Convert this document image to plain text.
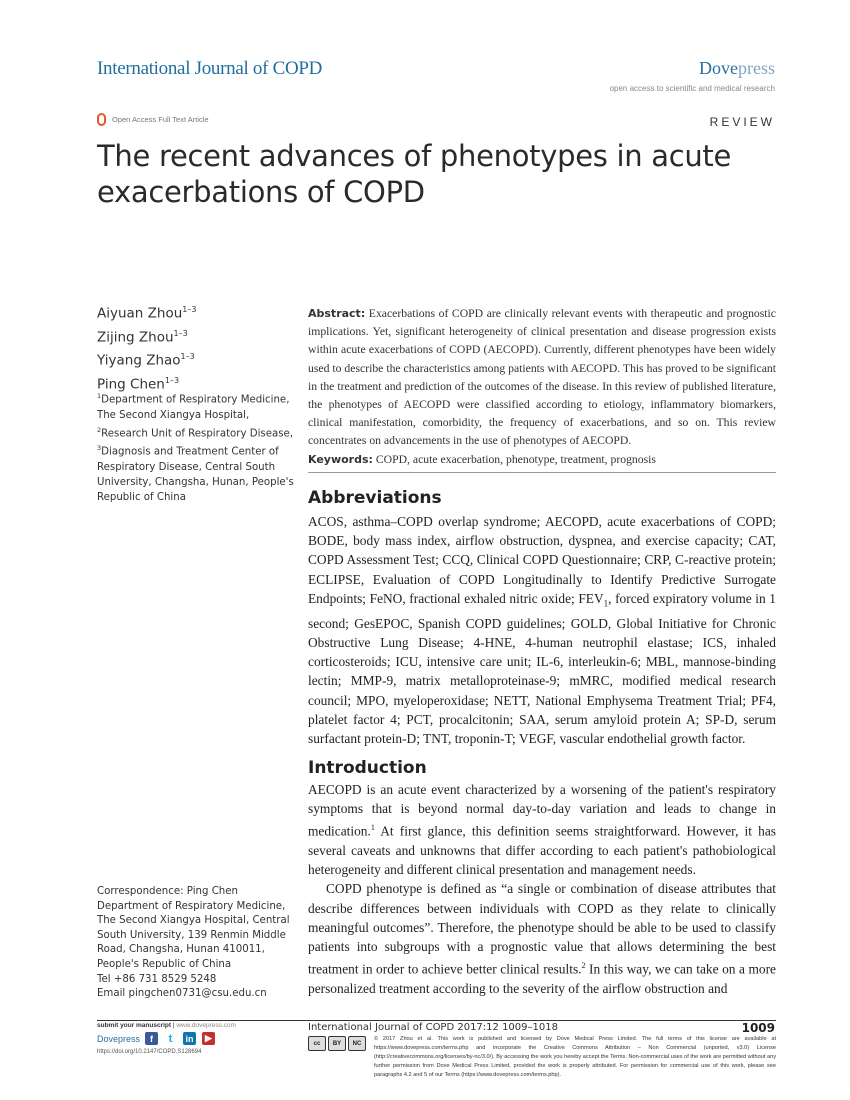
International Journal of COPD	Dovepress
open access to scientific and medical research
Open Access Full Text Article	REVIEW
The recent advances of phenotypes in acute exacerbations of COPD
Aiyuan Zhou$^{1-3}$
Zijing Zhou$^{1-3}$
Yiyang Zhao$^{1-3}$
Ping Chen$^{1-3}$
$^1$Department of Respiratory Medicine, The Second Xiangya Hospital, $^2$Research Unit of Respiratory Disease, $^3$Diagnosis and Treatment Center of Respiratory Disease, Central South University, Changsha, Hunan, People's Republic of China
Correspondence: Ping Chen
Department of Respiratory Medicine, The Second Xiangya Hospital, Central South University, 139 Renmin Middle Road, Changsha, Hunan 410011, People's Republic of China
Tel +86 731 8529 5248
Email pingchen0731@csu.edu.cn
Abstract: Exacerbations of COPD are clinically relevant events with therapeutic and prognostic implications. Yet, significant heterogeneity of clinical presentation and disease progression exists within acute exacerbations of COPD (AECOPD). Currently, different phenotypes have been widely used to describe the characteristics among patients with AECOPD. This has proved to be significant in the treatment and prediction of the outcomes of the disease. In this review of published literature, the phenotypes of AECOPD were classified according to etiology, inflammatory biomarkers, clinical manifestation, comorbidity, the frequency of exacerbations, and so on. This review concentrates on advancements in the use of phenotypes of AECOPD.
Keywords: COPD, acute exacerbation, phenotype, treatment, prognosis
Abbreviations
ACOS, asthma–COPD overlap syndrome; AECOPD, acute exacerbations of COPD; BODE, body mass index, airflow obstruction, dyspnea, and exercise capacity; CAT, COPD Assessment Test; CCQ, Clinical COPD Questionnaire; CRP, C-reactive protein; ECLIPSE, Evaluation of COPD Longitudinally to Identify Predictive Surrogate Endpoints; FeNO, fractional exhaled nitric oxide; $FEV_1$, forced expiratory volume in 1 second; GesEPOC, Spanish COPD guidelines; GOLD, Global Initiative for Chronic Obstructive Lung Disease; 4-HNE, 4-human neutrophil elastase; ICS, inhaled corticosteroids; ICU, intensive care unit; IL-6, interleukin-6; MBL, mannose-binding lectin; MMP-9, matrix metalloproteinase-9; mMRC, modified medical research council; MPO, myeloperoxidase; NETT, National Emphysema Treatment Trial; PF4, platelet factor 4; PCT, procalcitonin; SAA, serum amyloid protein A; SP-D, serum surfactant protein-D; TNT, troponin-T; VEGF, vascular endothelial growth factor.
Introduction

AECOPD is an acute event characterized by a worsening of the patient's respiratory symptoms that is beyond normal day-to-day variation and leads to change in medication.$^1$ At first glance, this definition seems straightforward. However, it has several caveats and unknowns that differ according to each patient's pathobiological heterogeneity and different clinical presentation and management needs.

COPD phenotype is defined as “a single or combination of disease attributes that describe differences between individuals with COPD as they relate to clinically meaningful outcomes”. Therefore, the phenotype should be able to be used to classify patients into subgroups with a prognostic value that allows determining the best treatment in order to achieve better clinical results.$^2$ In this way, we can take on a more personalized treatment according to the severity of the airflow obstruction and

submit your manuscript | www.dovepress.com
Dovepress	f	t	in	▶
https://doi.org/10.2147/COPD.S128694
International Journal of COPD 2017:12 1009–1018	1009
cc	BY	NC
© 2017 Zhou et al. This work is published and licensed by Dove Medical Press Limited. The full terms of this license are available at https://www.dovepress.com/terms.php and incorporate the Creative Commons Attribution – Non Commercial (unported, v3.0) License (http://creativecommons.org/licenses/by-nc/3.0/). By accessing the work you hereby accept the Terms. Non-commercial uses of the work are permitted without any further permission from Dove Medical Press Limited, provided the work is properly attributed. For permission for commercial use of this work, please see paragraphs 4.2 and 5 of our Terms (https://www.dovepress.com/terms.php).
